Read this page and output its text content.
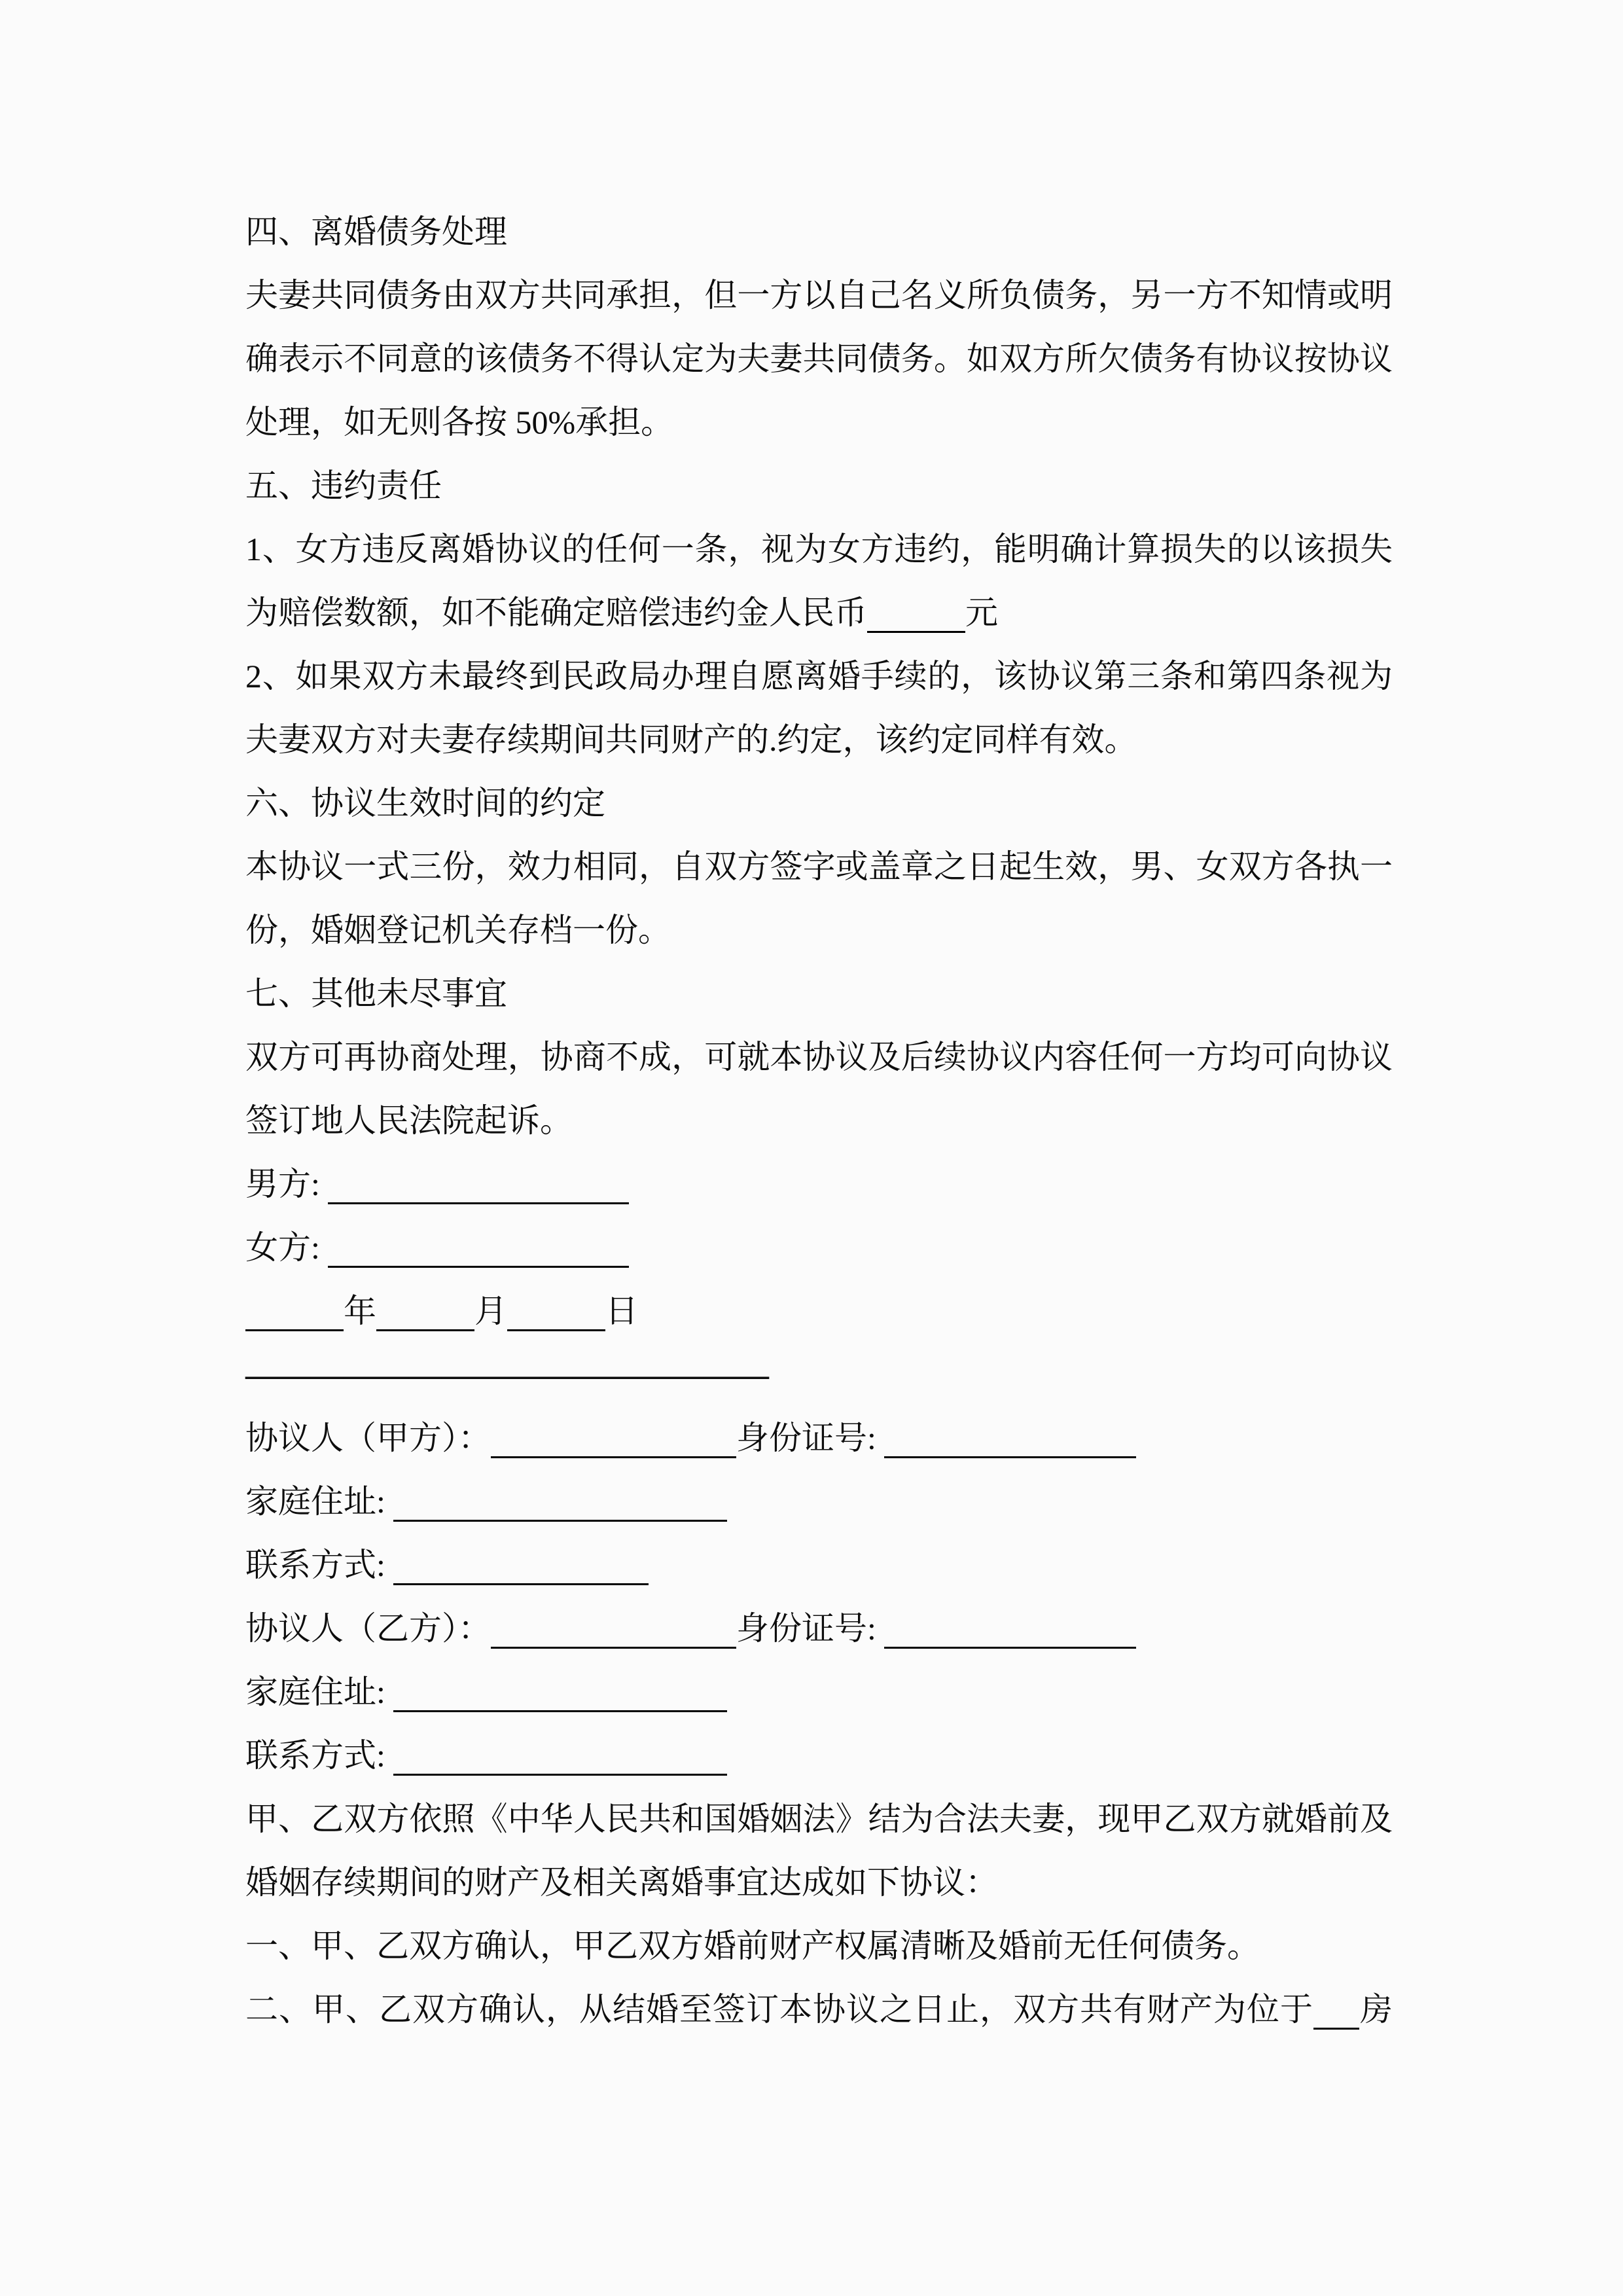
四、离婚债务处理

夫妻共同债务由双方共同承担，但一方以自己名义所负债务，另一方不知情或明

确表示不同意的该债务不得认定为夫妻共同债务。如双方所欠债务有协议按协议

处理，如无则各按 50%承担。

五、违约责任

1、女方违反离婚协议的任何一条，视为女方违约，能明确计算损失的以该损失

为赔偿数额，如不能确定赔偿违约金人民币	元

2、如果双方未最终到民政局办理自愿离婚手续的，该协议第三条和第四条视为

夫妻双方对夫妻存续期间共同财产的.约定，该约定同样有效。

六、协议生效时间的约定

本协议一式三份，效力相同，自双方签字或盖章之日起生效，男、女双方各执一

份，婚姻登记机关存档一份。

七、其他未尽事宜

双方可再协商处理，协商不成，可就本协议及后续协议内容任何一方均可向协议

签订地人民法院起诉。

男方:

女方:

年	月	日

————————————————

协议人（甲方）：	身份证号:

家庭住址:

联系方式:

协议人（乙方）：	身份证号:

家庭住址:

联系方式:

甲、乙双方依照《中华人民共和国婚姻法》结为合法夫妻，现甲乙双方就婚前及

婚姻存续期间的财产及相关离婚事宜达成如下协议：

一、甲、乙双方确认，甲乙双方婚前财产权属清晰及婚前无任何债务。

二、甲、乙双方确认，从结婚至签订本协议之日止，双方共有财产为位于 房
